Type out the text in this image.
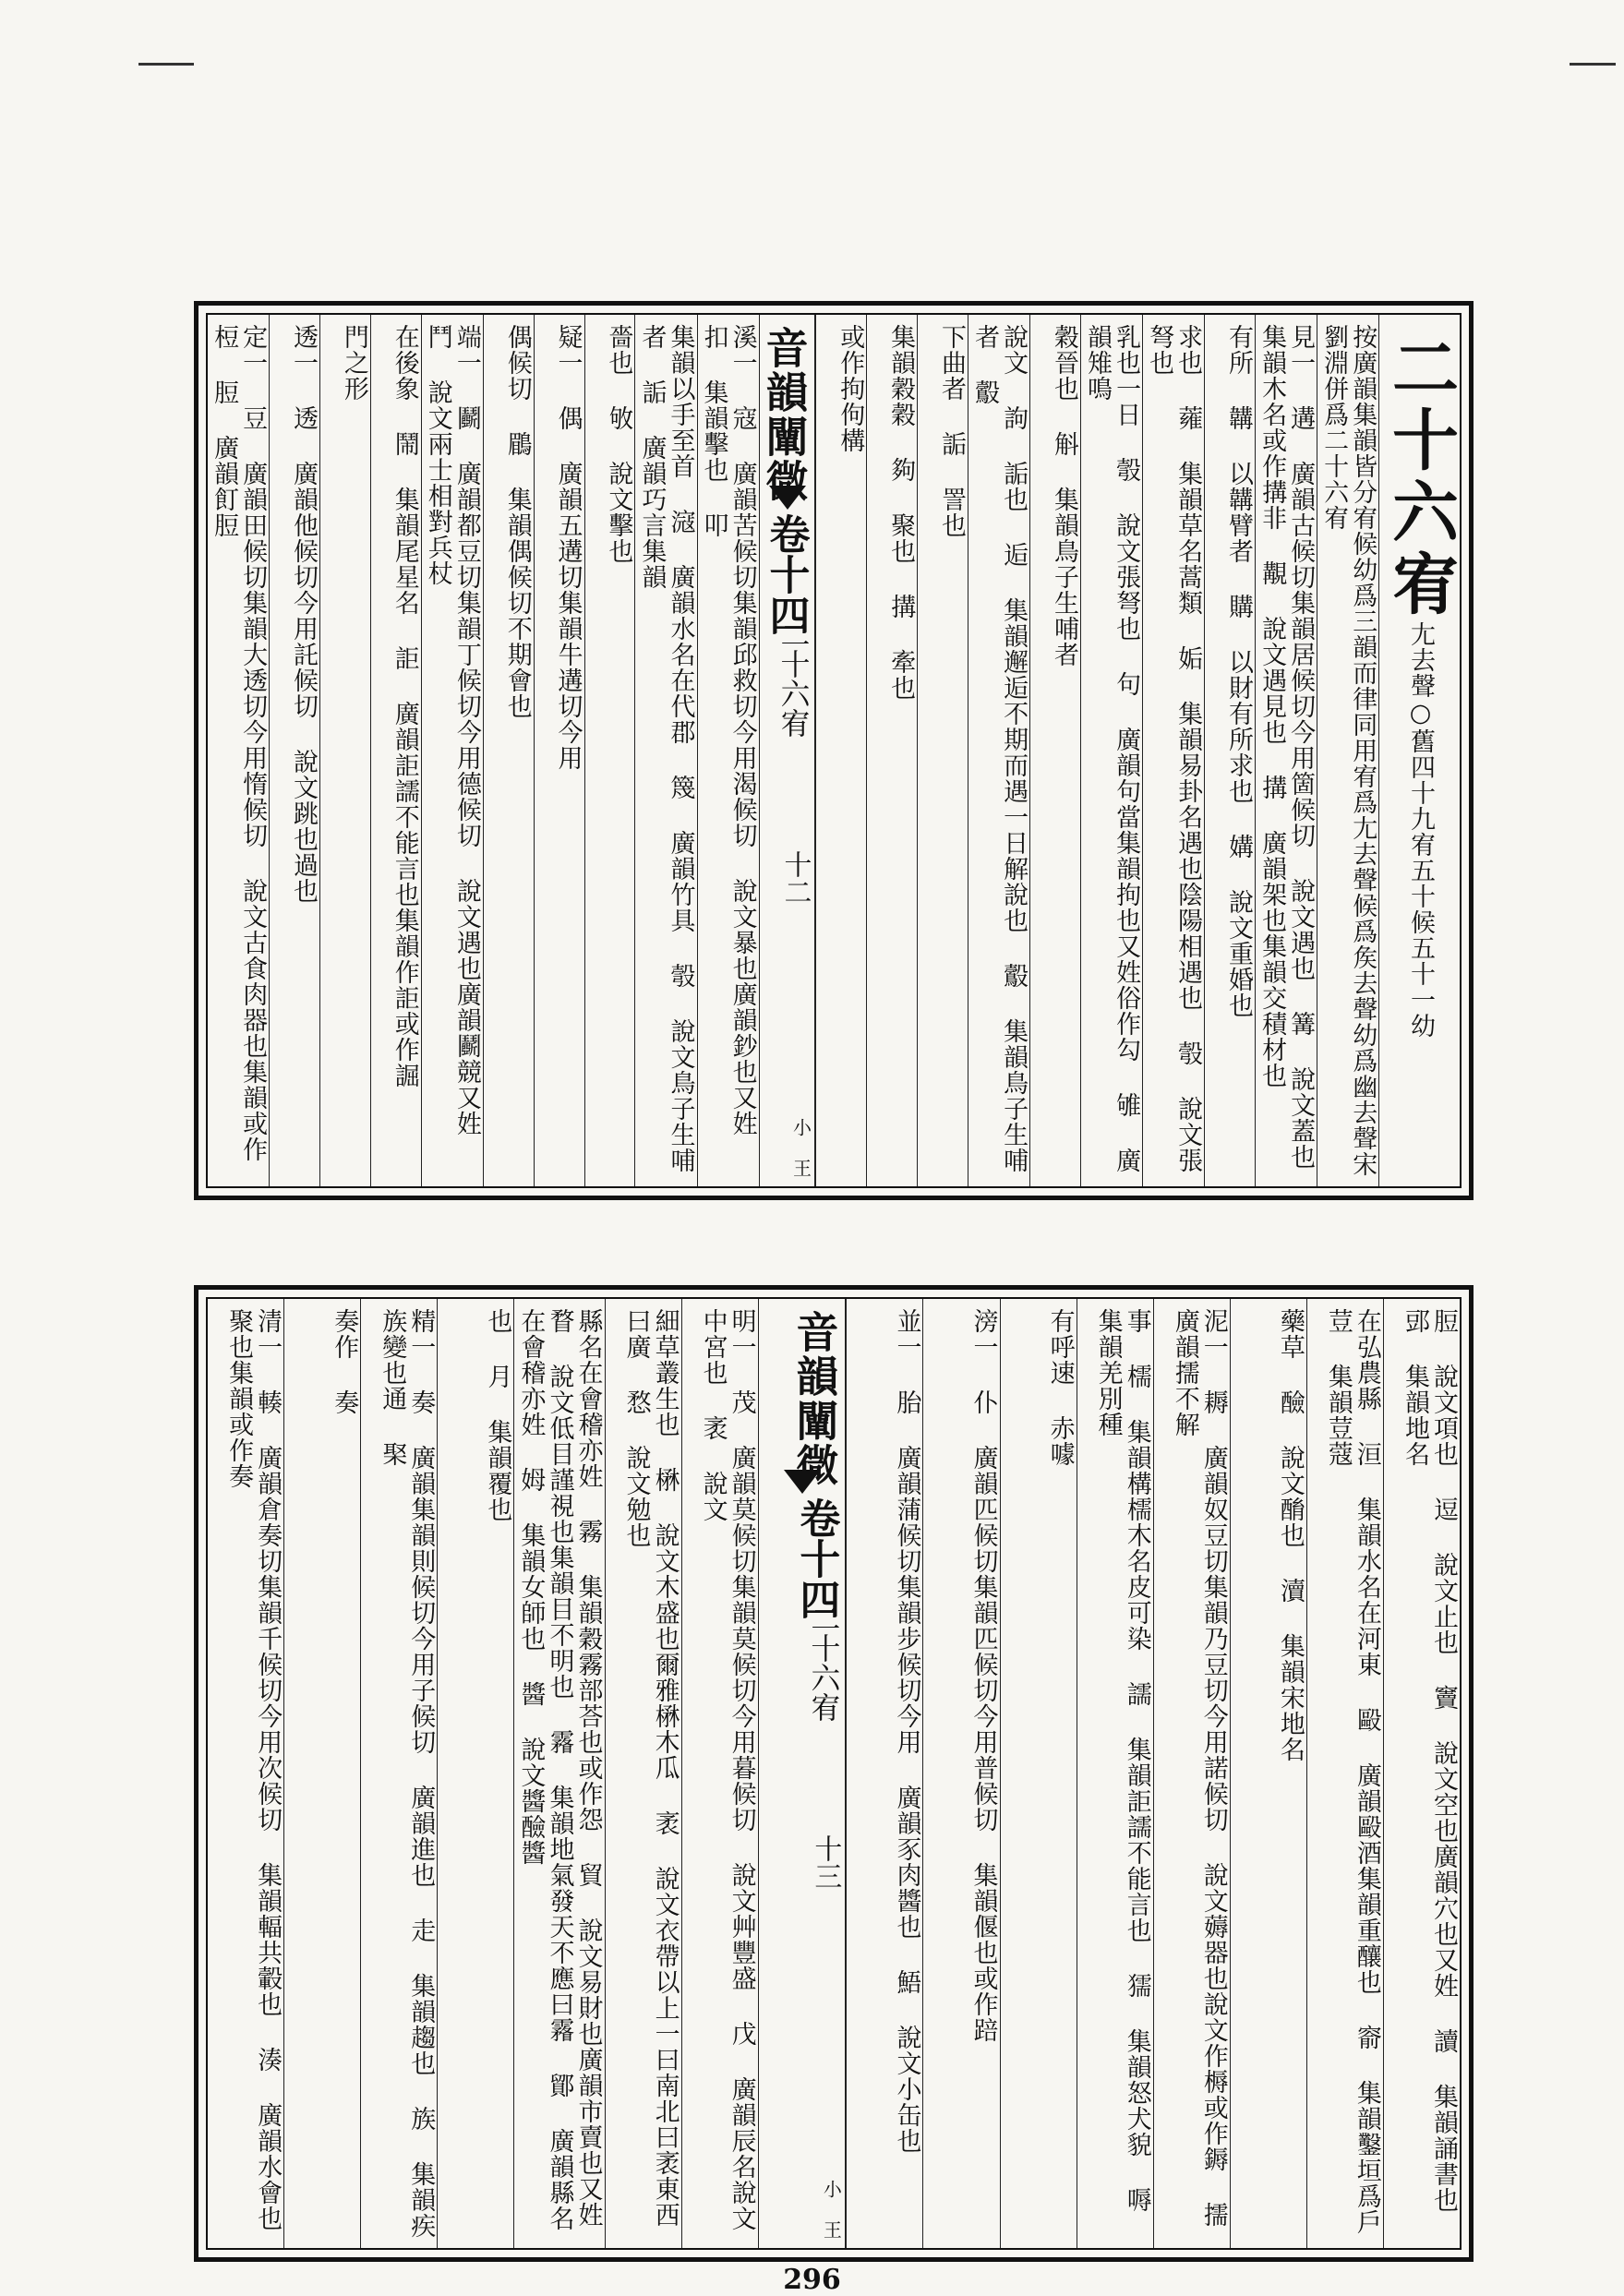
二十六宥尢去聲○舊四十九宥五十候五十一幼
按廣韻集韻皆分宥候幼爲三韻而律同用宥爲尢去聲候爲矦去聲幼爲幽去聲宋劉淵併爲二十六宥
見一 遘 廣韻古候切集韻居候切今用箇候切 說文遇也 篝 說文蓋也集韻木名或作搆非 覯 說文遇見也 搆 廣韻架也集韻交積材也
有所 韝 以韝臂者 購 以財有所求也 媾 說文重婚也
求也 蕹 集韻草名蒿類 姤 集韻易卦名遇也陰陽相遇也 彀 說文張弩也
乳也一日 彀 說文張弩也 句 廣韻句當集韻拘也又姓俗作勾 雊 廣韻雉鳴
穀晉也 斛 集韻鳥子生哺者
說文 訽 詬也 逅 集韻邂逅不期而遇一日解說也 鷇 集韻鳥子生哺者 鷇
下曲者 詬 詈也
集韻穀穀 夠 聚也 搆 牽也
或作拘佝構
音韻闡微
卷十四
二十六宥
十二
小 王
溪一 寇 廣韻苦候切集韻邱救切今用渴候切 說文暴也廣韻鈔也又姓 扣 集韻擊也 叩
集韻以手至首 滱 廣韻水名在代郡 篾 廣韻竹具 彀 說文鳥子生哺者 詬 廣韻巧言集韻
嗇也 敂 說文擊也
疑一 偶 廣韻五遘切集韻牛遘切今用
偶候切 鶥 集韻偶候切不期會也
端一 鬬 廣韻都豆切集韻丁候切今用德候切 說文遇也廣韻鬬競又姓 鬥 說文兩士相對兵杖
在後象 鬧 集韻尾星名 詎 廣韻詎譳不能言也集韻作詎或作誳
門之形
透一 透 廣韻他候切今用託候切 說文跳也過也
定一 豆 廣韻田候切集韻大透切今用惰候切 說文古食肉器也集韻或作梪 脰 廣韻飣脰
脰 說文項也 逗 說文止也 竇 說文空也廣韻穴也又姓 讀 集韻誦書也 郖 集韻地名
在弘農縣 洹 集韻水名在河東 毆 廣韻毆酒集韻重釀也 窬 集韻鑿垣爲戶 荳 集韻荳蔻
藥草 醶 說文酳也 瀆 集韻宋地名
泥一 耨 廣韻奴豆切集韻乃豆切今用諾候切 說文薅器也說文作槈或作鎒 擩 廣韻擩不解
事 檽 集韻構檽木名皮可染 譳 集韻詎譳不能言也 獳 集韻怒犬貌 嗕 集韻羌別種
有呼速 赤噱
滂一 仆 廣韻匹候切集韻匹候切今用普候切 集韻偃也或作踣
並一 胎 廣韻蒲候切集韻步候切今用 廣韻豕肉醬也 鯃 說文小缶也
音韻闡微
卷十四
二十六宥
十三
小 王
明一 茂 廣韻莫候切集韻莫候切今用暮候切 說文艸豐盛 戊 廣韻辰名說文中宮也 袤 說文
細草叢生也 楙 說文木盛也爾雅楙木瓜 袤 說文衣帶以上一曰南北曰袤東西曰廣 愗 說文勉也
縣名在會稽亦姓 霧 集韻穀霧部荅也或作怨 貿 說文易財也廣韻市賣也又姓 瞀 說文低目謹視也集韻目不明也 霿 集韻地氣發天不應曰霿 鄮 廣韻縣名在會稽亦姓 姆 集韻女師也 醬 說文醬醶醬
也 月 集韻覆也
精一 奏 廣韻集韻則候切今用子候切 廣韻進也 走 集韻趨也 族 集韻疾族變也通 棸
奏作 奏
清一 輳 廣韻倉奏切集韻千候切今用次候切 集韻輻共轂也 湊 廣韻水會也聚也集韻或作奏
296
